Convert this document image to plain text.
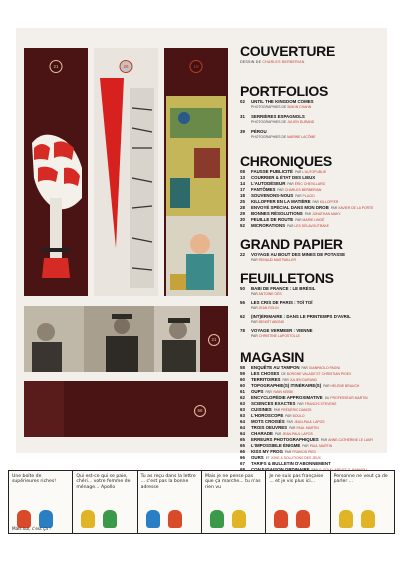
21	26	19
21
66
COUVERTURE
DESSIN DE CHARLES BERBERIAN
PORTFOLIOS
02	UNTIL THE KINGDOM COMES
PHOTOGRAPHIES DE SIMON CHAHN
31	SERRIÈRES ESPAGNOLS
PHOTOGRAPHIES DE JULIEN DURAND
39	PÉROU
PHOTOGRAPHIES DE MARINE LACÔME
CHRONIQUES
08	FAUSSE PUBLICITÉ PAR L'AUTOPUBLIE
13	COURRIER & ÉTAT DES LIEUX
14	L'AUTODÉSEUR PAR ÉRIC CHEVILLARD
17	FANTÔMES PAR CHARLES BERBERIAN
18	SOUVENONS-NOUS PAR PLACID
25	KILLOFFER EN LA MATIÈRE PAR KILLOFFER
28	ENVOYÉ SPÉCIAL DANS MON DROB PAR XAVIER DE LA PORTE
29	BONNES RÉSOLUTIONS PAR JONATHAN MAKY
30	FEUILLE DE ROUTE PAR MARIE LINGÉ
52	MICRORATIONS PAR LES DÉLAVOUTRAKE
GRAND PAPIER
22	VOYAGE AU BOUT DES MINES DE POTASSE
PAR RENAUD MASTWILLER
FEUILLETONS
50	BABI DE FRANCE : LE BRÉSIL
PAR ANTOINE OÉS
56	LES CRIS DE PARIS : TOÏ TOÏ
PAR JEAN ROLIN
62	(INT)ÉRIMAIRE : DANS LE PRINTEMPS D'AVRIL
PAR BENOÎT ABOND
78	VOYAGE VERMEER : VIENNE
PAR CHRISTINE LAPOSTOLLE
MAGASIN
58	ENQUÊTE AU TAMPON PAR GIANPAOLO PAGNI
59	LES CHOSES DE BORGHE VALADE ET CHRISTIAN PIGEX
60	TERRITOIRES PAR JULIEN DURAND
60	TOPOGRAPHIE(S) ITINÉRAIRE(S) PAR HÉLÈNE BRAUCH
61	OUPS PAR YANN KEBBI
62	ENCYCLOPÉDIE APPROXIMATIVE DU PROFESSEUR MARTIN
63	SCIENCES EXACTES PAR FRANCIS STEVENS
63	CUISINES PAR FRÉDÉRIC DANOS
63	L'HOROSCOPE PAR BOULO
64	MOTS CROISÉS PAR JEAN-PAUL LAPOS
64	TROIS OEUVRES PAR PAUL MARTIN
64	CHARADE PAR JEAN-PAUL LAPOS
65	ERREURS PHOTOGRAPHIQUES PAR ANNE-CATHERINE LE LAMY
65	L'IMPOSSIBLE ÉNIGME PAR PAUL MARTIN
66	KISS MY FROG PAR FRANCIS PIED
66	OURS ET JOKE & SOLUTIONS DES JEUX
67	TARIFS & BULLETIN D'ABONNEMENT
Une boîte de supérieures riches!
Mais oui, c'est ça !
Qui est-ce qui se paie, chéri... votre femme de ménage... Apollo
Tu as reçu dans la lettre ... c'est pas la bonne adresse
Mais je ne pense pas que ça marche... tu n'as rien vu
Je ne suis pas française ... et je vis plus ici...
Personne ne veut ça de parler ...
